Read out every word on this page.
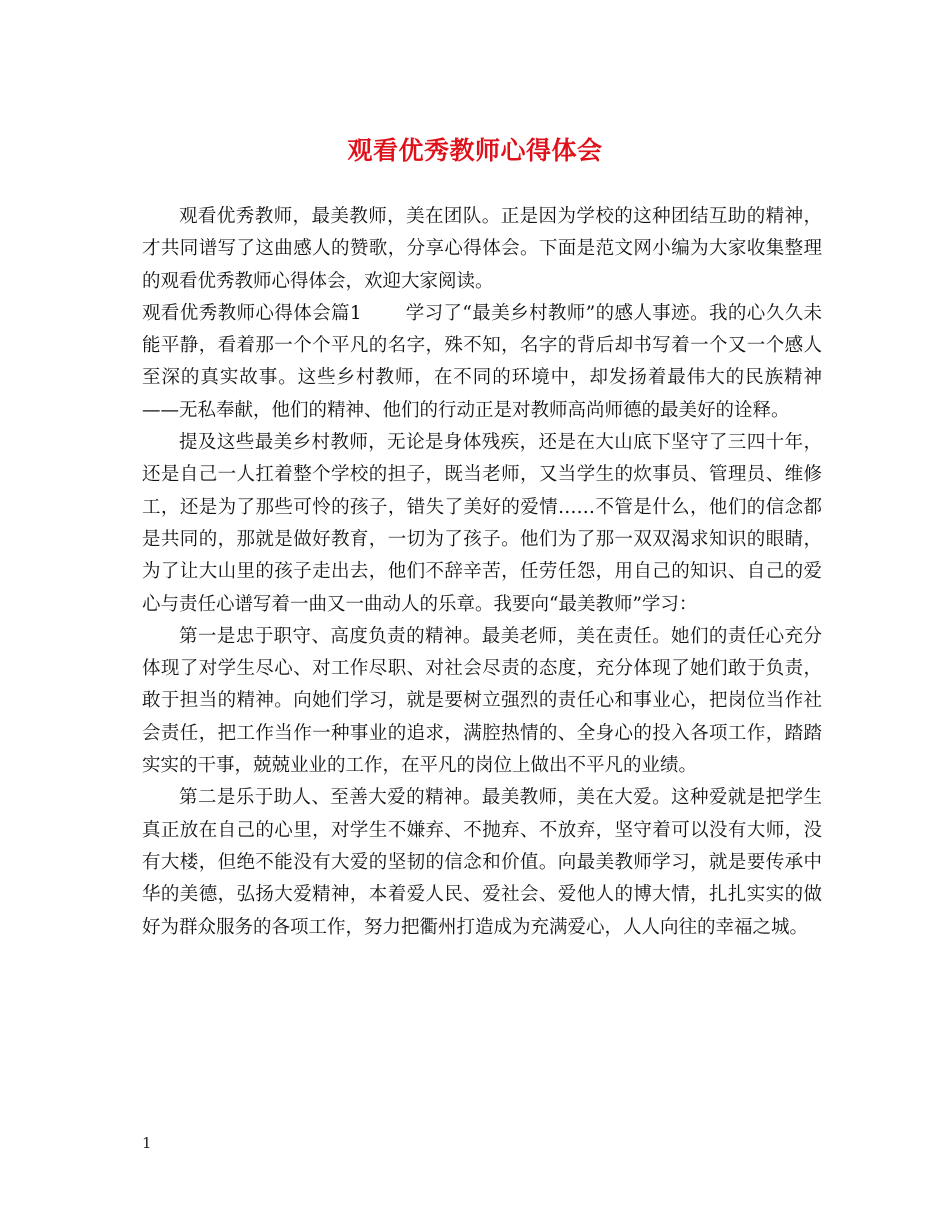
观看优秀教师心得体会

观看优秀教师，最美教师，美在团队。正是因为学校的这种团结互助的精神，才共同谱写了这曲感人的赞歌，分享心得体会。下面是范文网小编为大家收集整理的观看优秀教师心得体会，欢迎大家阅读。

观看优秀教师心得体会篇1 学习了“最美乡村教师”的感人事迹。我的心久久未能平静，看着那一个个平凡的名字，殊不知，名字的背后却书写着一个又一个感人至深的真实故事。这些乡村教师，在不同的环境中，却发扬着最伟大的民族精神——无私奉献，他们的精神、他们的行动正是对教师高尚师德的最美好的诠释。

提及这些最美乡村教师，无论是身体残疾，还是在大山底下坚守了三四十年，还是自己一人扛着整个学校的担子，既当老师，又当学生的炊事员、管理员、维修工，还是为了那些可怜的孩子，错失了美好的爱情……不管是什么，他们的信念都是共同的，那就是做好教育，一切为了孩子。他们为了那一双双渴求知识的眼睛，为了让大山里的孩子走出去，他们不辞辛苦，任劳任怨，用自己的知识、自己的爱心与责任心谱写着一曲又一曲动人的乐章。我要向“最美教师”学习：

第一是忠于职守、高度负责的精神。最美老师，美在责任。她们的责任心充分体现了对学生尽心、对工作尽职、对社会尽责的态度，充分体现了她们敢于负责，敢于担当的精神。向她们学习，就是要树立强烈的责任心和事业心，把岗位当作社会责任，把工作当作一种事业的追求，满腔热情的、全身心的投入各项工作，踏踏实实的干事，兢兢业业的工作，在平凡的岗位上做出不平凡的业绩。

第二是乐于助人、至善大爱的精神。最美教师，美在大爱。这种爱就是把学生真正放在自己的心里，对学生不嫌弃、不抛弃、不放弃，坚守着可以没有大师，没有大楼，但绝不能没有大爱的坚韧的信念和价值。向最美教师学习，就是要传承中华的美德，弘扬大爱精神，本着爱人民、爱社会、爱他人的博大情，扎扎实实的做好为群众服务的各项工作，努力把衢州打造成为充满爱心，人人向往的幸福之城。

1
